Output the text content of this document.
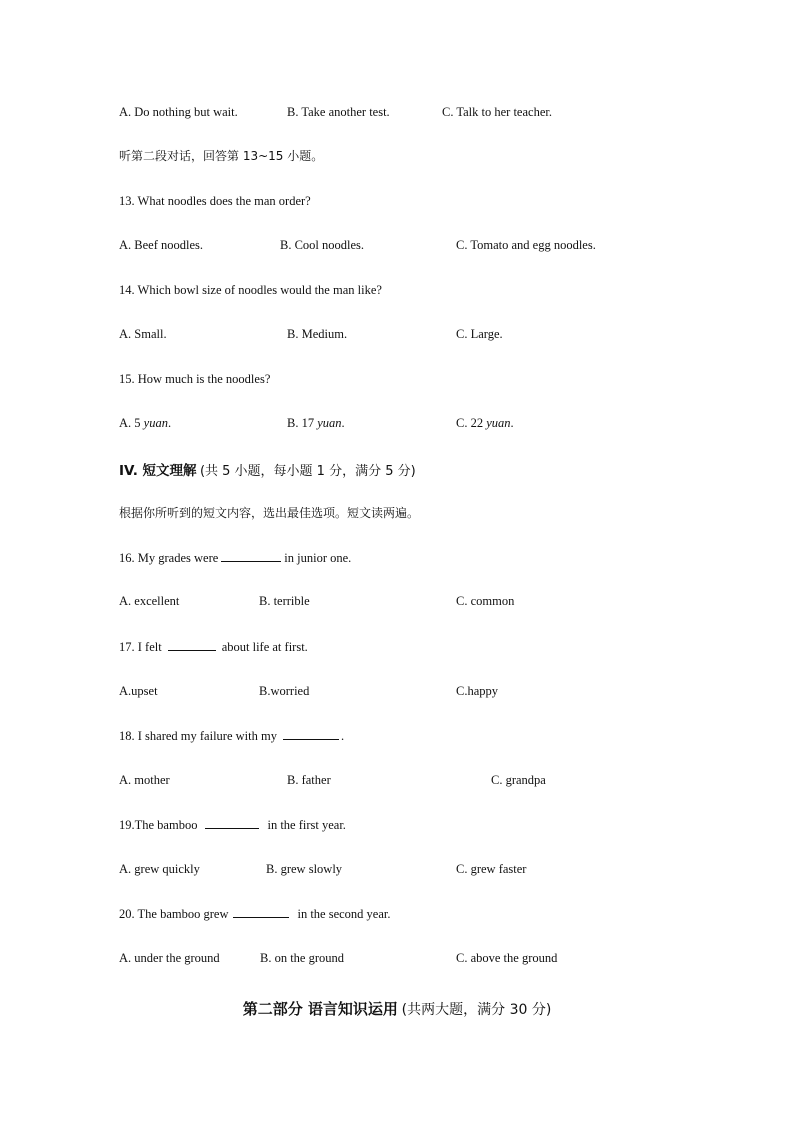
A. Do nothing but wait.	B. Take another test.	C. Talk to her teacher.
听第二段对话，回答第 13~15 小题。
13. What noodles does the man order?
A. Beef noodles.	B. Cool noodles.	C. Tomato and egg noodles.
14. Which bowl size of noodles would the man like?
A. Small.	B. Medium.	C. Large.
15. How much is the noodles?
A. 5 yuan.	B. 17 yuan.	C. 22 yuan.
IV. 短文理解 (共 5 小题，每小题 1 分，满分 5 分)
根据你所听到的短文内容，选出最佳选项。短文读两遍。
16. My grades were	in junior one.
A. excellent	B. terrible	C. common
17. I felt	about life at first.
A.upset	B.worried	C.happy
18. I shared my failure with my	.
A. mother	B. father	C. grandpa
19.The bamboo	in the first year.
A. grew quickly	B. grew slowly	C. grew faster
20. The bamboo grew	in the second year.
A. under the ground	B. on the ground	C. above the ground
第二部分 语言知识运用 (共两大题，满分 30 分)
